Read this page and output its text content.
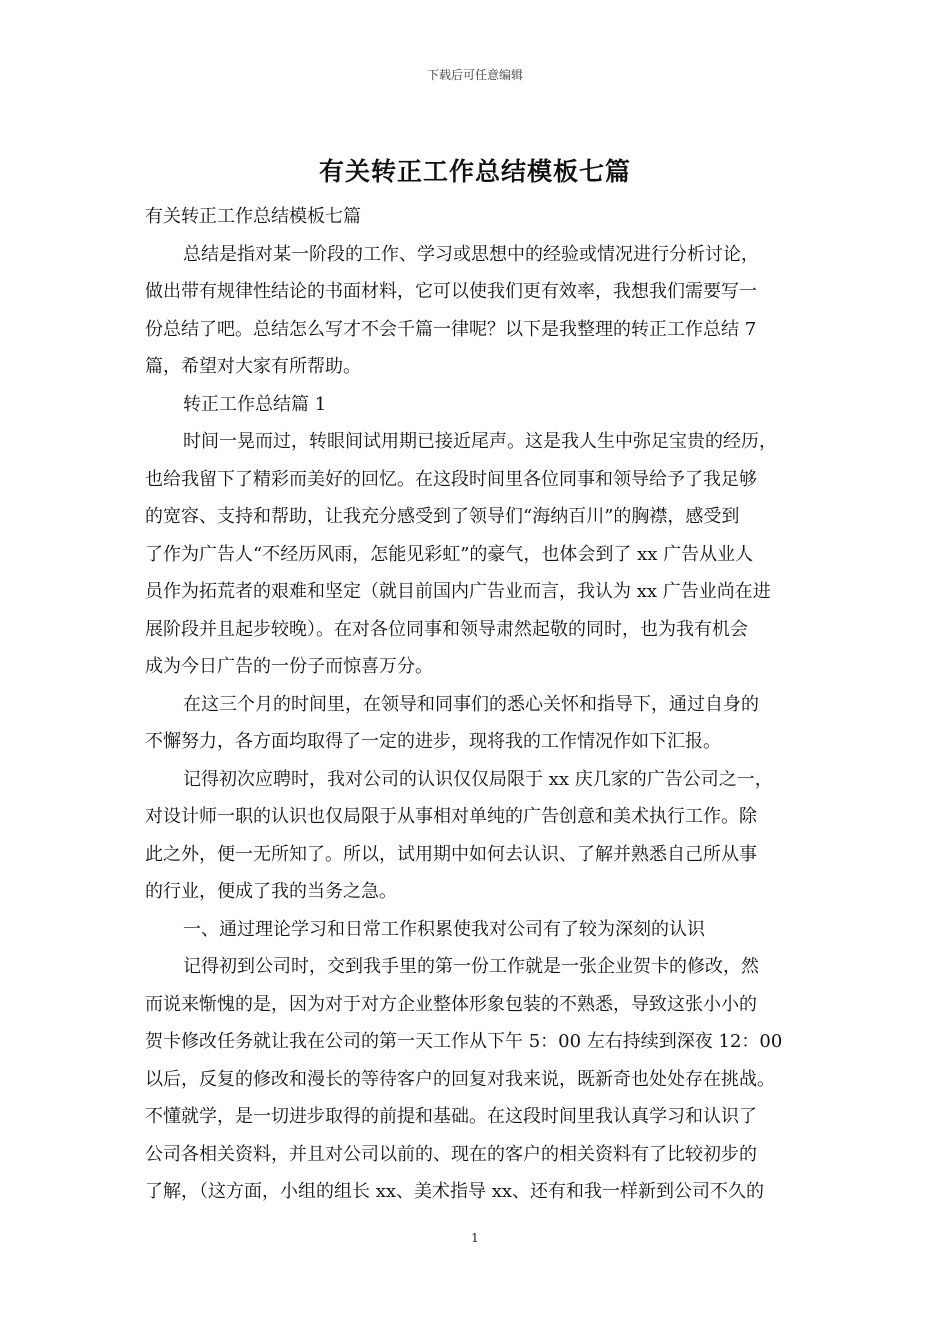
下载后可任意编辑
有关转正工作总结模板七篇
有关转正工作总结模板七篇
总结是指对某一阶段的工作、学习或思想中的经验或情况进行分析讨论，
做出带有规律性结论的书面材料，它可以使我们更有效率，我想我们需要写一
份总结了吧。总结怎么写才不会千篇一律呢？以下是我整理的转正工作总结 7
篇，希望对大家有所帮助。
转正工作总结篇 1
时间一晃而过，转眼间试用期已接近尾声。这是我人生中弥足宝贵的经历，
也给我留下了精彩而美好的回忆。在这段时间里各位同事和领导给予了我足够
的宽容、支持和帮助，让我充分感受到了领导们“海纳百川”的胸襟，感受到
了作为广告人“不经历风雨，怎能见彩虹”的豪气，也体会到了 xx 广告从业人
员作为拓荒者的艰难和坚定（就目前国内广告业而言，我认为 xx 广告业尚在进
展阶段并且起步较晚）。在对各位同事和领导肃然起敬的同时，也为我有机会
成为今日广告的一份子而惊喜万分。
在这三个月的时间里，在领导和同事们的悉心关怀和指导下，通过自身的
不懈努力，各方面均取得了一定的进步，现将我的工作情况作如下汇报。
记得初次应聘时，我对公司的认识仅仅局限于 xx 庆几家的广告公司之一，
对设计师一职的认识也仅局限于从事相对单纯的广告创意和美术执行工作。除
此之外，便一无所知了。所以，试用期中如何去认识、了解并熟悉自己所从事
的行业，便成了我的当务之急。
一、通过理论学习和日常工作积累使我对公司有了较为深刻的认识
记得初到公司时，交到我手里的第一份工作就是一张企业贺卡的修改，然
而说来惭愧的是，因为对于对方企业整体形象包装的不熟悉，导致这张小小的
贺卡修改任务就让我在公司的第一天工作从下午 5：00 左右持续到深夜 12：00
以后，反复的修改和漫长的等待客户的回复对我来说，既新奇也处处存在挑战。
不懂就学，是一切进步取得的前提和基础。在这段时间里我认真学习和认识了
公司各相关资料，并且对公司以前的、现在的客户的相关资料有了比较初步的
了解，（这方面，小组的组长 xx、美术指导 xx、还有和我一样新到公司不久的
1
